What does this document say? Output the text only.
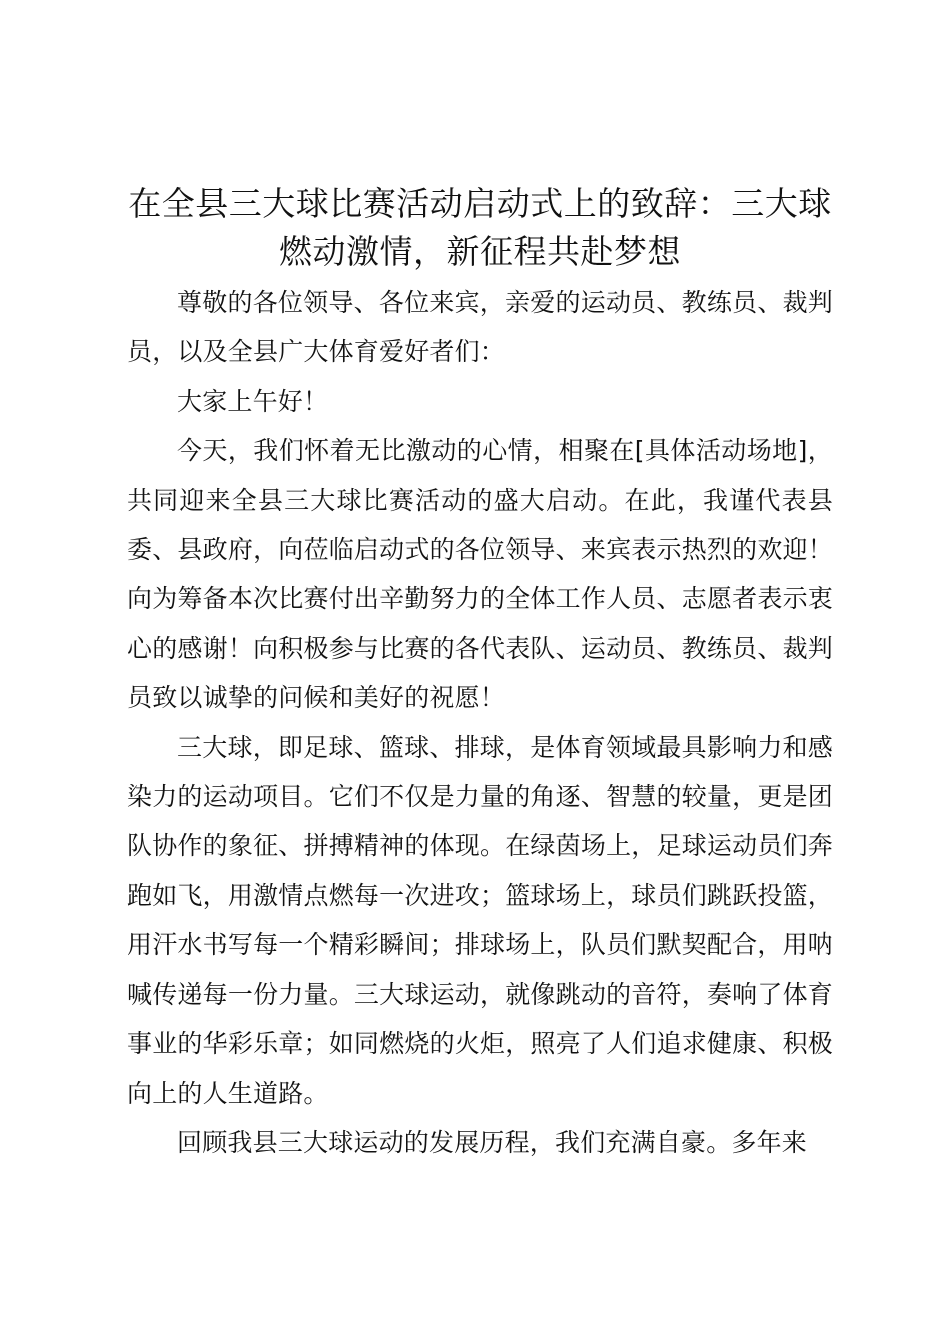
在全县三大球比赛活动启动式上的致辞：三大球燃动激情，新征程共赴梦想

尊敬的各位领导、各位来宾，亲爱的运动员、教练员、裁判员，以及全县广大体育爱好者们：

大家上午好！

今天，我们怀着无比激动的心情，相聚在[具体活动场地]，共同迎来全县三大球比赛活动的盛大启动。在此，我谨代表县委、县政府，向莅临启动式的各位领导、来宾表示热烈的欢迎！向为筹备本次比赛付出辛勤努力的全体工作人员、志愿者表示衷心的感谢！向积极参与比赛的各代表队、运动员、教练员、裁判员致以诚挚的问候和美好的祝愿！

三大球，即足球、篮球、排球，是体育领域最具影响力和感染力的运动项目。它们不仅是力量的角逐、智慧的较量，更是团队协作的象征、拼搏精神的体现。在绿茵场上，足球运动员们奔跑如飞，用激情点燃每一次进攻；篮球场上，球员们跳跃投篮，用汗水书写每一个精彩瞬间；排球场上，队员们默契配合，用呐喊传递每一份力量。三大球运动，就像跳动的音符，奏响了体育事业的华彩乐章；如同燃烧的火炬，照亮了人们追求健康、积极向上的人生道路。

回顾我县三大球运动的发展历程，我们充满自豪。多年来
